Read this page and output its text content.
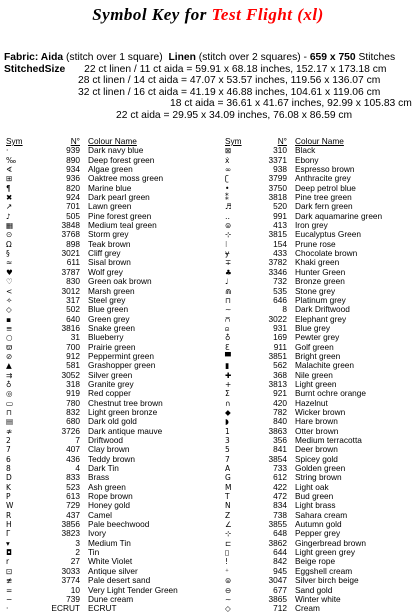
Symbol Key for Test Flight (xl)
Fabric: Aida (stitch over 1 square) Linen (stitch over 2 squares) - 659 x 750 Stitches
StitchedSize 22 ct linen / 11 ct aida = 59.91 x 68.18 inches, 152.17 x 173.18 cm
28 ct linen / 14 ct aida = 47.07 x 53.57 inches, 119.56 x 136.07 cm
32 ct linen / 16 ct aida = 41.19 x 46.88 inches, 104.61 x 119.06 cm
18 ct aida = 36.61 x 41.67 inches, 92.99 x 105.83 cm
22 ct aida = 29.95 x 34.09 inches, 76.08 x 86.59 cm
Sym	N° Colour Name
·	939 Dark navy blue
‰	890 Deep forest green
∢	934 Algae green
⊞	936 Oaktree moss green
¶	820 Marine blue
✖	924 Dark pearl green
↗	701 Lawn green
♪	505 Pine forest green
▦	3848 Medium teal green
⊙	3768 Storm grey
Ω	898 Teak brown
§	3021 Cliff grey
≈	611 Sisal brown
♥	3787 Wolf grey
♡	830 Green oak brown
<	3012 Marsh green
✧	317 Steel grey
◇	502 Blue green
▪	640 Green grey
≡	3816 Snake green
○	31 Blueberry
ϖ	700 Prairie green
⊘	912 Peppermint green
▲	581 Grashopper green
⇉	3052 Silver green
♁	318 Granite grey
◎	919 Red copper
▭	780 Chestnut tree brown
⊓	832 Light green bronze
▤	680 Dark old gold
≉	3726 Dark antique mauve
2	7 Driftwood
7	407 Clay brown
6	436 Teddy brown
8	4 Dark Tin
D	833 Brass
K	523 Ash green
P	613 Rope brown
W	729 Honey gold
R	437 Camel
H	3856 Pale beechwood
Г	3823 Ivory
▾	3 Medium Tin
◘	2 Tin
r	27 White Violet
⊡	3033 Antique silver
≢	3774 Pale desert sand
=	10 Very Light Tender Green
−	739 Dune cream
·	ECRUT ECRUT
Sym	N° Colour Name
⊠	310 Black
ẋ	3371 Ebony
∞	938 Espresso brown
ʗ	3799 Anthracite grey
•	3750 Deep petrol blue
⁑	3818 Pine tree green
♬	520 Dark fern green
‥	991 Dark aquamarine green
⊜	413 Iron grey
⊹	3815 Eucalyptus Green
⁝	154 Prune rose
ɏ	433 Chocolate brown
∓	3782 Khaki green
♣	3346 Hunter Green
♩	732 Bronze green
⋒	535 Stone grey
⊓	646 Platinum grey
∼	8 Dark Driftwood
⩃	3022 Elephant grey
⩄	931 Blue grey
♁	169 Pewter grey
Ɛ	911 Golf green
▀	3851 Bright green
▮	562 Malachite green
✚	368 Nile green
+	3813 Light green
Σ	921 Burnt ochre orange
∩	420 Hazelnut
◆	782 Wicker brown
◗	840 Hare brown
1	3863 Otter brown
3	356 Medium terracotta
5	841 Deer brown
7	3854 Spicey gold
A	733 Golden green
G	612 String brown
M	422 Light oak
T	472 Bud green
N	834 Light brass
Z	738 Sahara cream
∠	3855 Autumn gold
⊹	648 Pepper grey
⊏	3862 Gingerbread brown
▯	644 Light green grey
!	842 Beige rope
⁺	945 Eggshell cream
⊜	3047 Silver birch beige
⊖	677 Sand gold
∼	3865 Winter white
◇	712 Cream
